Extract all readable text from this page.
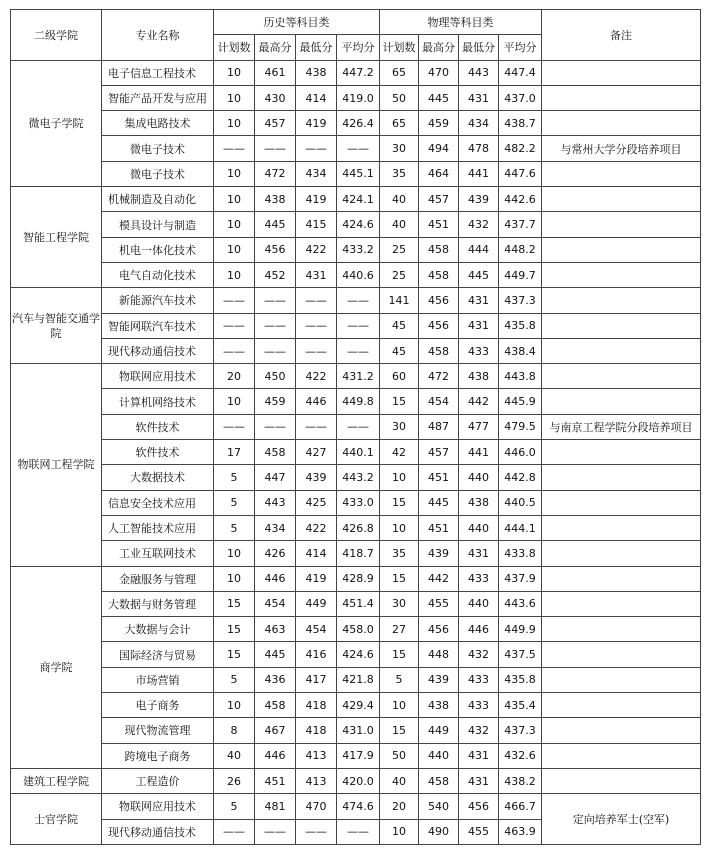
二级学院	专业名称	历史等科目类				物理等科目类				备注
		计划数	最高分	最低分	平均分	计划数	最高分	最低分	平均分	
微电子学院	电子信息工程技术	10	461	438	447.2	65	470	443	447.4	
	智能产品开发与应用	10	430	414	419.0	50	445	431	437.0	
	集成电路技术	10	457	419	426.4	65	459	434	438.7	
	微电子技术	——	——	——	——	30	494	478	482.2	与常州大学分段培养项目
	微电子技术	10	472	434	445.1	35	464	441	447.6	
智能工程学院	机械制造及自动化	10	438	419	424.1	40	457	439	442.6	
	模具设计与制造	10	445	415	424.6	40	451	432	437.7	
	机电一体化技术	10	456	422	433.2	25	458	444	448.2	
	电气自动化技术	10	452	431	440.6	25	458	445	449.7	
汽车与智能交通学院	新能源汽车技术	——	——	——	——	141	456	431	437.3	
	智能网联汽车技术	——	——	——	——	45	456	431	435.8	
	现代移动通信技术	——	——	——	——	45	458	433	438.4	
物联网工程学院	物联网应用技术	20	450	422	431.2	60	472	438	443.8	
	计算机网络技术	10	459	446	449.8	15	454	442	445.9	
	软件技术	——	——	——	——	30	487	477	479.5	与南京工程学院分段培养项目
	软件技术	17	458	427	440.1	42	457	441	446.0	
	大数据技术	5	447	439	443.2	10	451	440	442.8	
	信息安全技术应用	5	443	425	433.0	15	445	438	440.5	
	人工智能技术应用	5	434	422	426.8	10	451	440	444.1	
	工业互联网技术	10	426	414	418.7	35	439	431	433.8	
商学院	金融服务与管理	10	446	419	428.9	15	442	433	437.9	
	大数据与财务管理	15	454	449	451.4	30	455	440	443.6	
	大数据与会计	15	463	454	458.0	27	456	446	449.9	
	国际经济与贸易	15	445	416	424.6	15	448	432	437.5	
	市场营销	5	436	417	421.8	5	439	433	435.8	
	电子商务	10	458	418	429.4	10	438	433	435.4	
	现代物流管理	8	467	418	431.0	15	449	432	437.3	
	跨境电子商务	40	446	413	417.9	50	440	431	432.6	
建筑工程学院	工程造价	26	451	413	420.0	40	458	431	438.2	
士官学院	物联网应用技术	5	481	470	474.6	20	540	456	466.7	定向培养军士(空军)
	现代移动通信技术	——	——	——	——	10	490	455	463.9	
